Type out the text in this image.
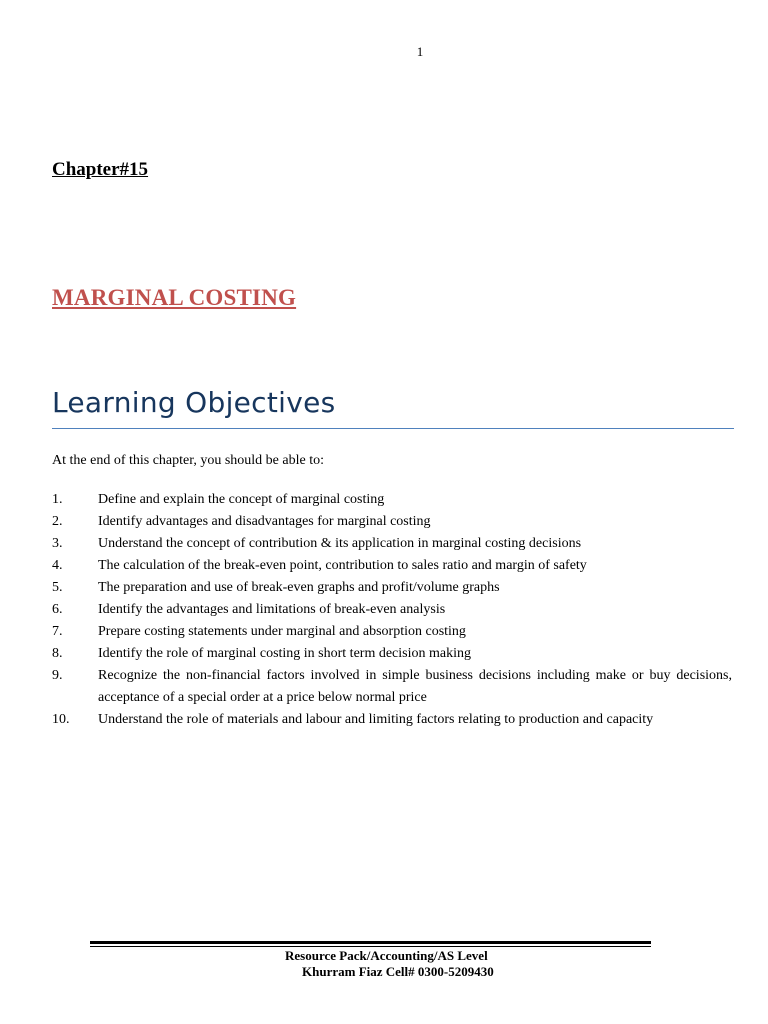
1
Chapter#15
MARGINAL COSTING
Learning Objectives
At the end of this chapter, you should be able to:
1.	Define and explain the concept of marginal costing
2.	Identify advantages and disadvantages for marginal costing
3.	Understand the concept of contribution & its application in marginal costing decisions
4.	The calculation of the break-even point, contribution to sales ratio and margin of safety
5.	The preparation and use of break-even graphs and profit/volume graphs
6.	Identify the advantages and limitations of break-even analysis
7.	Prepare costing statements under marginal and absorption costing
8.	Identify the role of marginal costing in short term decision making
9.	Recognize the non-financial factors involved in simple business decisions including make or buy decisions, acceptance of a special order at a price below normal price
10.	Understand the role of materials and labour and limiting factors relating to production and capacity
Resource Pack/Accounting/AS Level
Khurram Fiaz Cell# 0300-5209430
